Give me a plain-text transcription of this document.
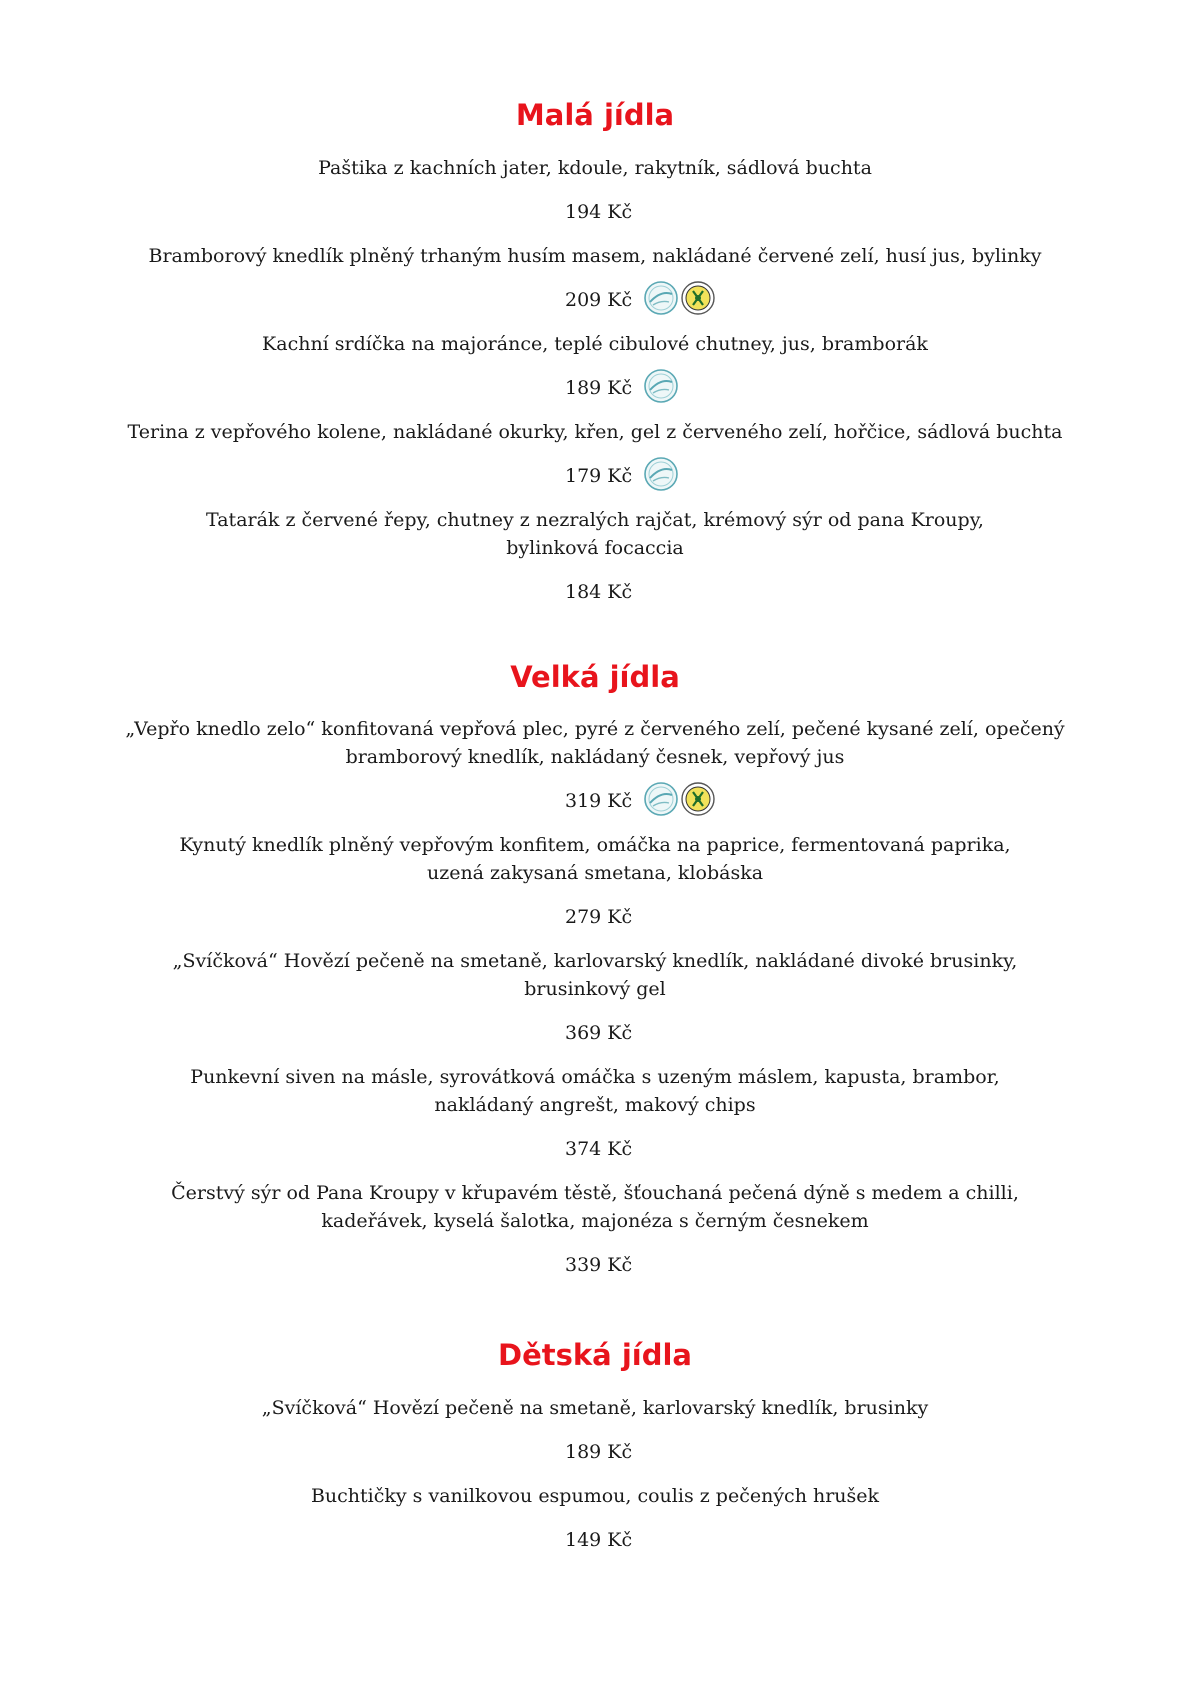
Malá jídla

Paštika z kachních jater, kdoule, rakytník, sádlová buchta

194 Kč

Bramborový knedlík plněný trhaným husím masem, nakládané červené zelí, husí jus, bylinky

209 Kč

Kachní srdíčka na majoránce, teplé cibulové chutney, jus, bramborák

189 Kč

Terina z vepřového kolene, nakládané okurky, křen, gel z červeného zelí, hořčice, sádlová buchta

179 Kč

Tatarák z červené řepy, chutney z nezralých rajčat, krémový sýr od pana Kroupy,
bylinková focaccia

184 Kč
Velká jídla

„Vepřo knedlo zelo“ konfitovaná vepřová plec, pyré z červeného zelí, pečené kysané zelí, opečený
bramborový knedlík, nakládaný česnek, vepřový jus

319 Kč

Kynutý knedlík plněný vepřovým konfitem, omáčka na paprice, fermentovaná paprika,
uzená zakysaná smetana, klobáska

279 Kč

„Svíčková“ Hovězí pečeně na smetaně, karlovarský knedlík, nakládané divoké brusinky,
brusinkový gel

369 Kč

Punkevní siven na másle, syrovátková omáčka s uzeným máslem, kapusta, brambor,
nakládaný angrešt, makový chips

374 Kč

Čerstvý sýr od Pana Kroupy v křupavém těstě, šťouchaná pečená dýně s medem a chilli,
kadeřávek, kyselá šalotka, majonéza s černým česnekem

339 Kč
Dětská jídla

„Svíčková“ Hovězí pečeně na smetaně, karlovarský knedlík, brusinky

189 Kč

Buchtičky s vanilkovou espumou, coulis z pečených hrušek

149 Kč
